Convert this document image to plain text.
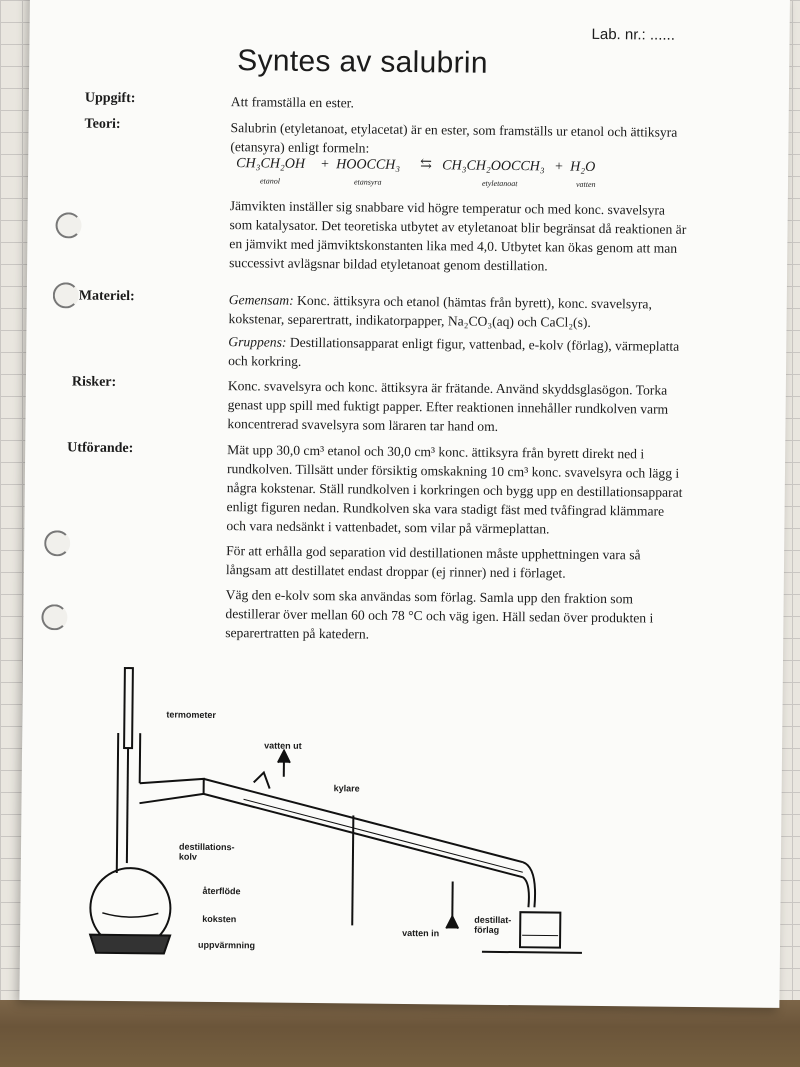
Lab. nr.: ......
Syntes av salubrin
Uppgift:	Att framställa en ester.
Teori:	Salubrin (etyletanoat, etylacetat) är en ester, som framställs ur etanol och ättiksyra (etansyra) enligt formeln:
CH₃CH₂OH + HOOCCH₃ ⇆ CH₃CH₂OOCCH₃ + H₂O
etanol	etansyra	etyletanoat	vatten
Jämvikten inställer sig snabbare vid högre temperatur och med konc. svavelsyra som katalysator. Det teoretiska utbytet av etyletanoat blir begränsat då reaktionen är en jämvikt med jämviktskonstanten lika med 4,0. Utbytet kan ökas genom att man successivt avlägsnar bildad etyletanoat genom destillation.
Materiel:	Gemensam: Konc. ättiksyra och etanol (hämtas från byrett), konc. svavelsyra, kokstenar, separertratt, indikatorpapper, Na₂CO₃(aq) och CaCl₂(s).
Gruppens: Destillationsapparat enligt figur, vattenbad, e-kolv (förlag), värmeplatta och korkring.
Risker:	Konc. svavelsyra och konc. ättiksyra är frätande. Använd skyddsglasögon. Torka genast upp spill med fuktigt papper. Efter reaktionen innehåller rundkolven varm koncentrerad svavelsyra som läraren tar hand om.
Utförande:	Mät upp 30,0 cm³ etanol och 30,0 cm³ konc. ättiksyra från byrett direkt ned i rundkolven. Tillsätt under försiktig omskakning 10 cm³ konc. svavelsyra och lägg i några kokstenar. Ställ rundkolven i korkringen och bygg upp en destillationsapparat enligt figuren nedan. Rundkolven ska vara stadigt fäst med tvåfingrad klämmare och vara nedsänkt i vattenbadet, som vilar på värmeplattan.

För att erhålla god separation vid destillationen måste upphettningen vara så långsam att destillatet endast droppar (ej rinner) ned i förlaget.

Väg den e-kolv som ska användas som förlag. Samla upp den fraktion som destillerar över mellan 60 och 78 °C och väg igen. Häll sedan över produkten i separertratten på katedern.

termometer
vatten ut
kylare
destillations-
kolv
återflöde
koksten
uppvärmning
vatten in
destillat-
förlag
